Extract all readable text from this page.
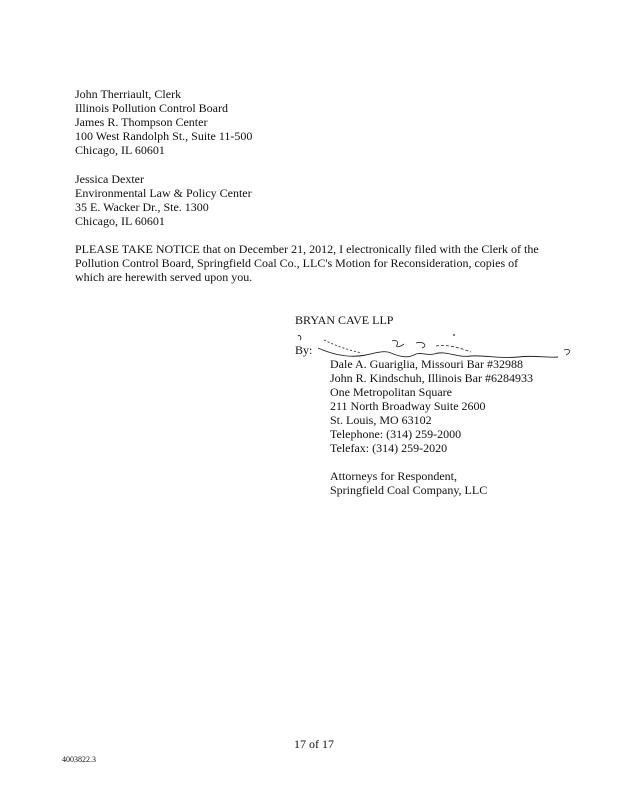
John Therriault, Clerk
Illinois Pollution Control Board
James R. Thompson Center
100 West Randolph St., Suite 11-500
Chicago, IL 60601
Jessica Dexter
Environmental Law & Policy Center
35 E. Wacker Dr., Ste. 1300
Chicago, IL 60601
PLEASE TAKE NOTICE that on December 21, 2012, I electronically filed with the Clerk of the
Pollution Control Board, Springfield Coal Co., LLC's Motion for Reconsideration, copies of
which are herewith served upon you.
BRYAN CAVE LLP
By:
Dale A. Guariglia, Missouri Bar #32988
John R. Kindschuh, Illinois Bar #6284933
One Metropolitan Square
211 North Broadway Suite 2600
St. Louis, MO 63102
Telephone: (314) 259-2000
Telefax: (314) 259-2020
Attorneys for Respondent,
Springfield Coal Company, LLC
17 of 17
4003822.3
